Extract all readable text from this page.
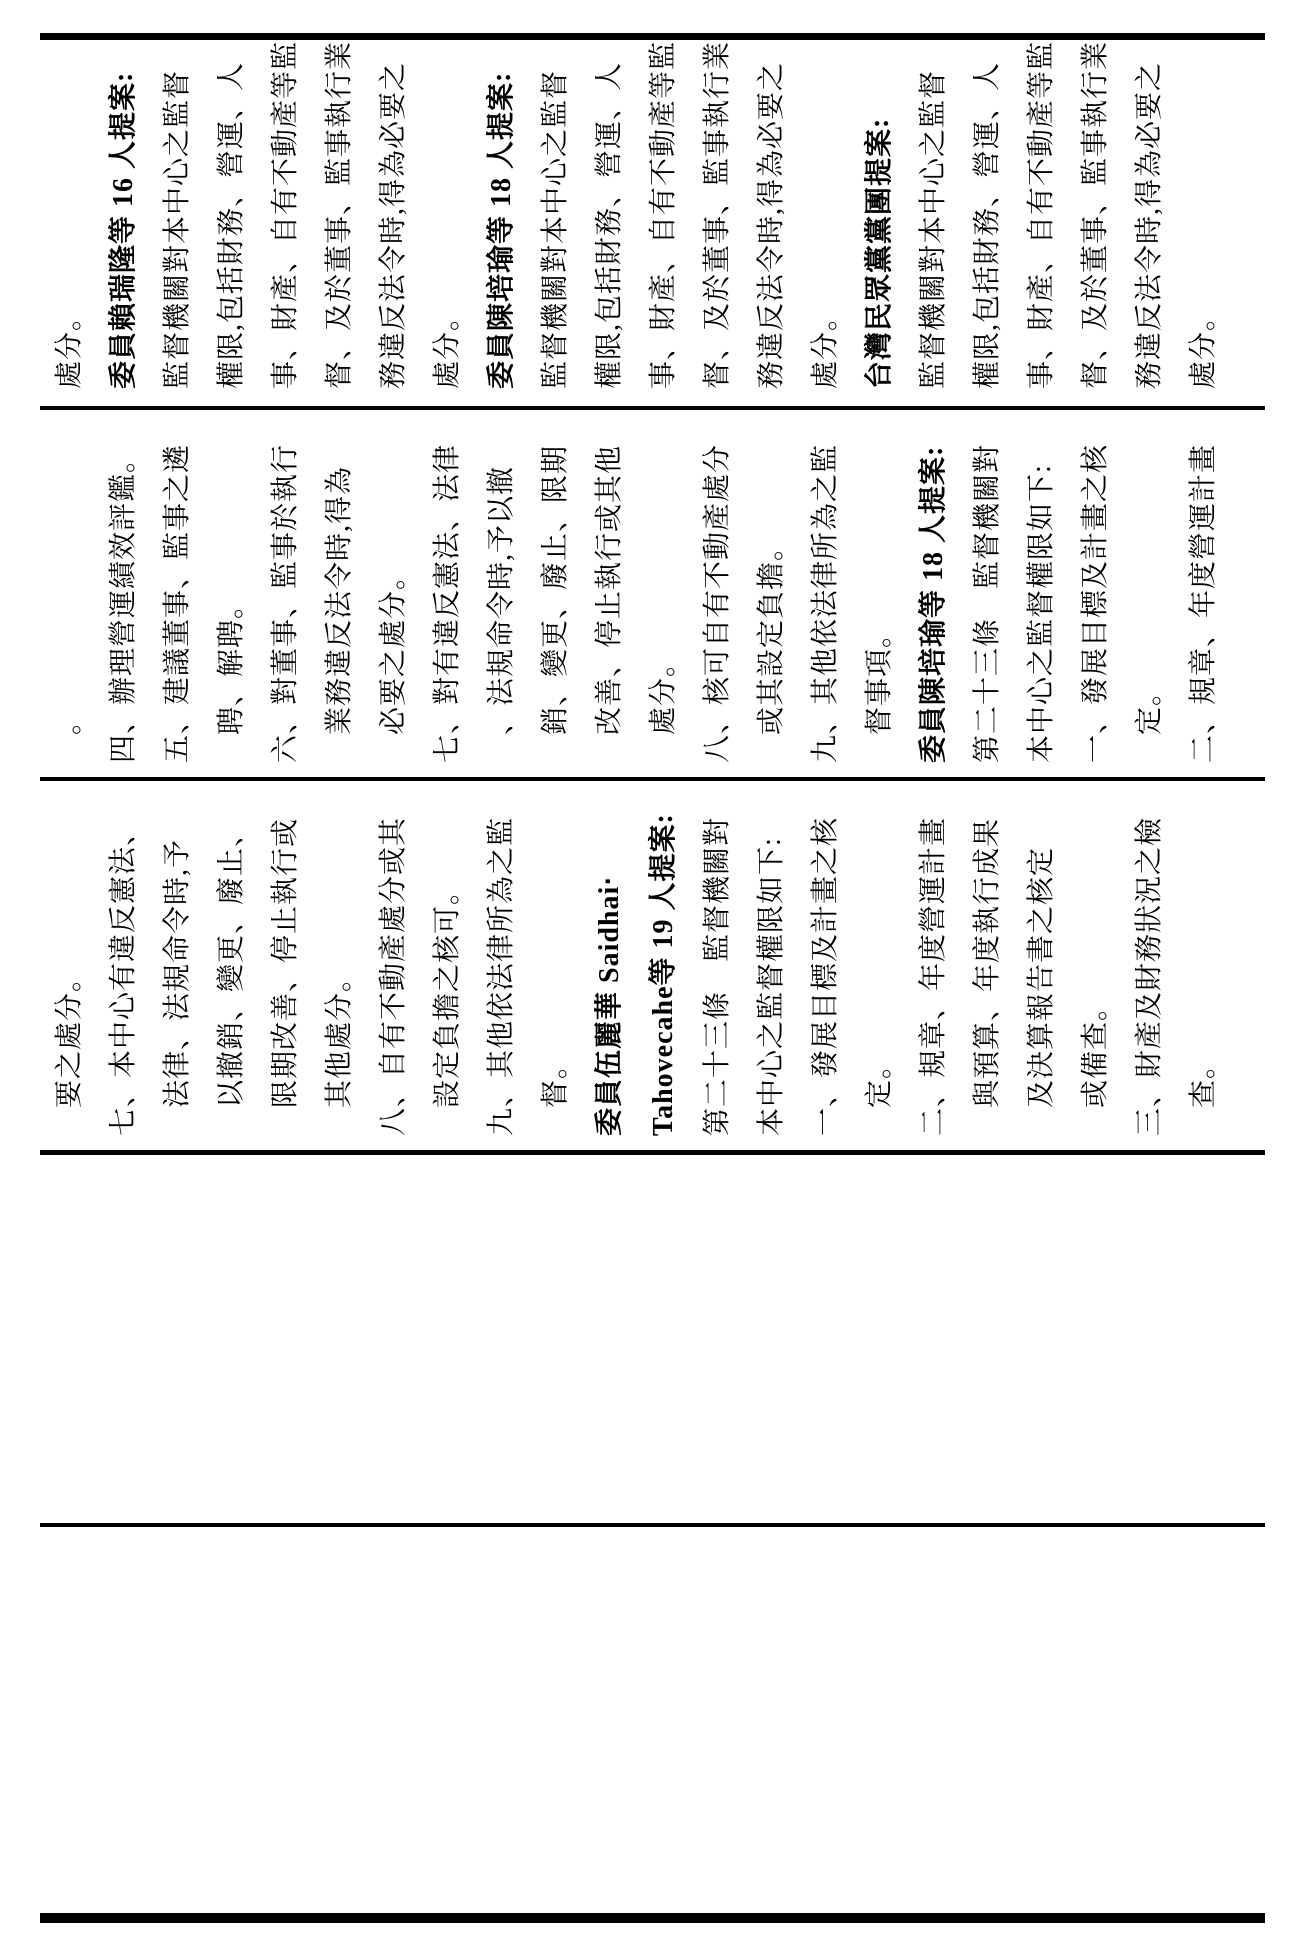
要之處分。 七、本中心有違反憲法、 法律、法規命令時,予 以撤銷、變更、廢止、 限期改善、停止執行或 其他處分。 八、自有不動產處分或其 設定負擔之核可。 九、其他依法律所為之監 督。 委員伍麗華 Saidhai‧ Tahovecahe等 19 人提案: 第二十三條　監督機關對 本中心之監督權限如下: 一、發展目標及計畫之核 定。 二、規章、年度營運計畫 與預算、年度執行成果 及決算報告書之核定 或備查。 三、財產及財務狀況之檢 查。
。 四、辦理營運績效評鑑。 五、建議董事、監事之遴 聘、解聘。 六、對董事、監事於執行 業務違反法令時,得為 必要之處分。 七、對有違反憲法、法律 、法規命令時,予以撤 銷、變更、廢止、限期 改善、停止執行或其他 處分。 八、核可自有不動產處分 或其設定負擔。 九、其他依法律所為之監 督事項。 委員陳培瑜等 18 人提案: 第二十三條　監督機關對 本中心之監督權限如下: 一、發展目標及計畫之核 定。 二、規章、年度營運計畫
處分。 委員賴瑞隆等 16 人提案: 監督機關對本中心之監督 權限,包括財務、營運、人 事、財產、自有不動產等監 督、及於董事、監事執行業 務違反法令時,得為必要之 處分。 委員陳培瑜等 18 人提案: 監督機關對本中心之監督 權限,包括財務、營運、人 事、財產、自有不動產等監 督、及於董事、監事執行業 務違反法令時,得為必要之 處分。 台灣民眾黨黨團提案: 監督機關對本中心之監督 權限,包括財務、營運、人 事、財產、自有不動產等監 督、及於董事、監事執行業 務違反法令時,得為必要之 處分。
